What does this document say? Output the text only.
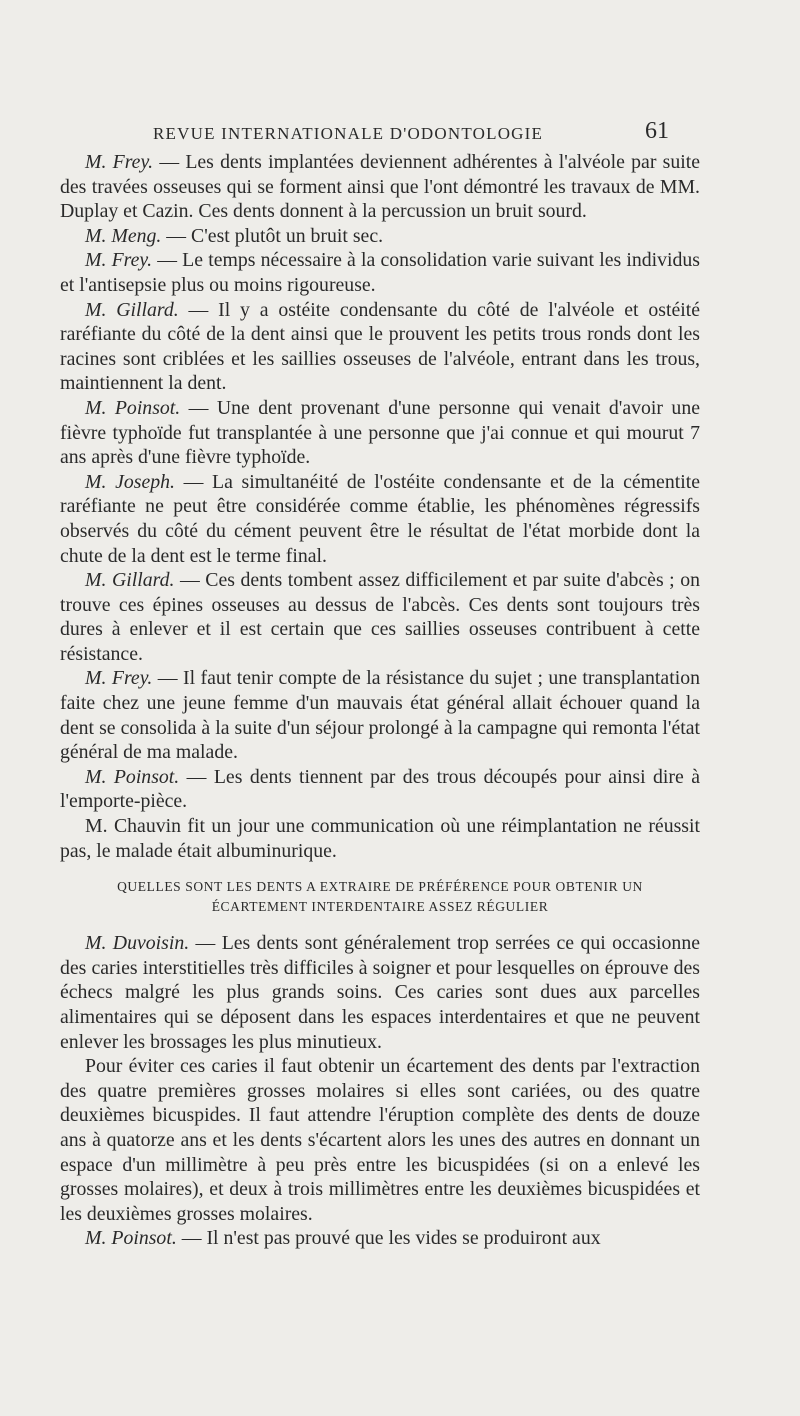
REVUE INTERNATIONALE D'ODONTOLOGIE	61

M. Frey. — Les dents implantées deviennent adhérentes à l'alvéole par suite des travées osseuses qui se forment ainsi que l'ont démontré les travaux de MM. Duplay et Cazin. Ces dents donnent à la percussion un bruit sourd.

M. Meng. — C'est plutôt un bruit sec.

M. Frey. — Le temps nécessaire à la consolidation varie suivant les individus et l'antisepsie plus ou moins rigoureuse.

M. Gillard. — Il y a ostéite condensante du côté de l'alvéole et ostéité raréfiante du côté de la dent ainsi que le prouvent les petits trous ronds dont les racines sont criblées et les saillies osseuses de l'alvéole, entrant dans les trous, maintiennent la dent.

M. Poinsot. — Une dent provenant d'une personne qui venait d'avoir une fièvre typhoïde fut transplantée à une personne que j'ai connue et qui mourut 7 ans après d'une fièvre typhoïde.

M. Joseph. — La simultanéité de l'ostéite condensante et de la cémentite raréfiante ne peut être considérée comme établie, les phénomènes régressifs observés du côté du cément peuvent être le résultat de l'état morbide dont la chute de la dent est le terme final.

M. Gillard. — Ces dents tombent assez difficilement et par suite d'abcès ; on trouve ces épines osseuses au dessus de l'abcès. Ces dents sont toujours très dures à enlever et il est certain que ces saillies osseuses contribuent à cette résistance.

M. Frey. — Il faut tenir compte de la résistance du sujet ; une transplantation faite chez une jeune femme d'un mauvais état général allait échouer quand la dent se consolida à la suite d'un séjour prolongé à la campagne qui remonta l'état général de ma malade.

M. Poinsot. — Les dents tiennent par des trous découpés pour ainsi dire à l'emporte-pièce.

M. Chauvin fit un jour une communication où une réimplantation ne réussit pas, le malade était albuminurique.

QUELLES SONT LES DENTS A EXTRAIRE DE PRÉFÉRENCE POUR OBTENIR UN
ÉCARTEMENT INTERDENTAIRE ASSEZ RÉGULIER

M. Duvoisin. — Les dents sont généralement trop serrées ce qui occasionne des caries interstitielles très difficiles à soigner et pour lesquelles on éprouve des échecs malgré les plus grands soins. Ces caries sont dues aux parcelles alimentaires qui se déposent dans les espaces interdentaires et que ne peuvent enlever les brossages les plus minutieux.

Pour éviter ces caries il faut obtenir un écartement des dents par l'extraction des quatre premières grosses molaires si elles sont cariées, ou des quatre deuxièmes bicuspides. Il faut attendre l'éruption complète des dents de douze ans à quatorze ans et les dents s'écartent alors les unes des autres en donnant un espace d'un millimètre à peu près entre les bicuspidées (si on a enlevé les grosses molaires), et deux à trois millimètres entre les deuxièmes bicuspidées et les deuxièmes grosses molaires.

M. Poinsot. — Il n'est pas prouvé que les vides se produiront aux
